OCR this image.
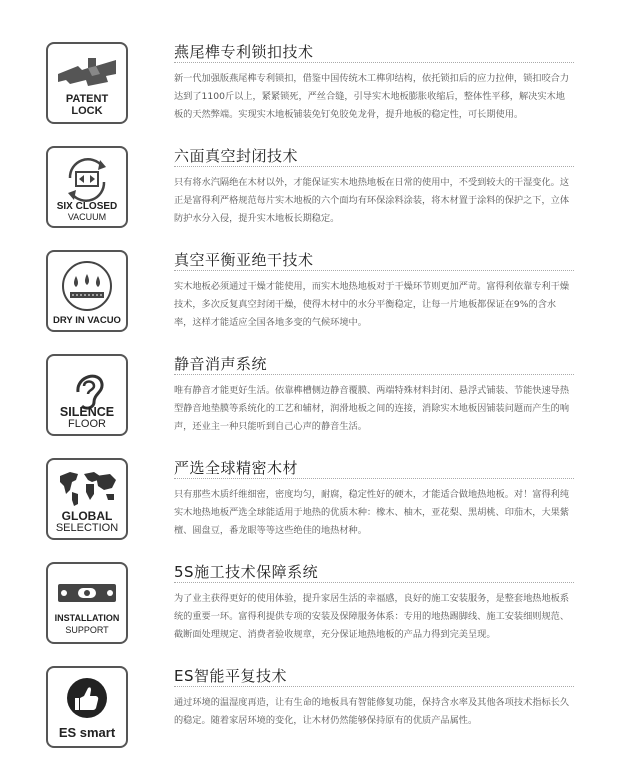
PATENT
LOCK
燕尾榫专利锁扣技术
新一代加强版燕尾榫专利锁扣，借鉴中国传统木工榫卯结构，依托锁扣后的应力拉伸，锁扣咬合力达到了1100斤以上，紧紧锁死，严丝合缝，引导实木地板膨胀收缩后，整体性平移，解决实木地板的天然弊端。实现实木地板铺装免钉免胶免龙骨，提升地板的稳定性，可长期使用。
SIX CLOSED
VACUUM
六面真空封闭技术
只有将水汽隔绝在木材以外，才能保证实木地热地板在日常的使用中，不受到较大的干湿变化。这正是富得利严格规范每片实木地板的六个面均有环保涂料涂装，将木材置于涂料的保护之下，立体防护水分入侵，提升实木地板长期稳定。
DRY IN VACUO
真空平衡亚绝干技术
实木地板必须通过干燥才能使用，而实木地热地板对于干燥环节则更加严苛。富得利依靠专利干燥技术，多次反复真空封闭干燥，使得木材中的水分平衡稳定，让每一片地板都保证在9%的含水率，这样才能适应全国各地多变的气候环境中。
SILENCE
FLOOR
静音消声系统
唯有静音才能更好生活。依靠榫槽侧边静音覆膜、两端特殊材料封闭、悬浮式铺装、节能快速导热型静音地垫膜等系统化的工艺和辅材，润滑地板之间的连接，消除实木地板因铺装问题而产生的响声，还业主一种只能听到自己心声的静音生活。
GLOBAL
SELECTION
严选全球精密木材
只有那些木质纤维细密，密度均匀，耐腐，稳定性好的硬木，才能适合做地热地板。对！富得利纯实木地热地板严选全球能适用于地热的优质木种：橡木、柚木，亚花梨、黑胡桃、印茄木，大果紫檀、圆盘豆，番龙眼等等这些绝佳的地热材种。
INSTALLATION
SUPPORT
5S施工技术保障系统
为了业主获得更好的使用体验，提升家居生活的幸福感，良好的施工安装服务，是整套地热地板系统的重要一环。富得利提供专项的安装及保障服务体系：专用的地热踢脚线、施工安装细则规范、截断面处理规定、消费者验收规章，充分保证地热地板的产品力得到完美呈现。
ES smart
ES智能平复技术
通过环境的温湿度再造，让有生命的地板具有智能修复功能，保持含水率及其他各项技术指标长久的稳定。随着家居环境的变化，让木材仍然能够保持原有的优质产品属性。
